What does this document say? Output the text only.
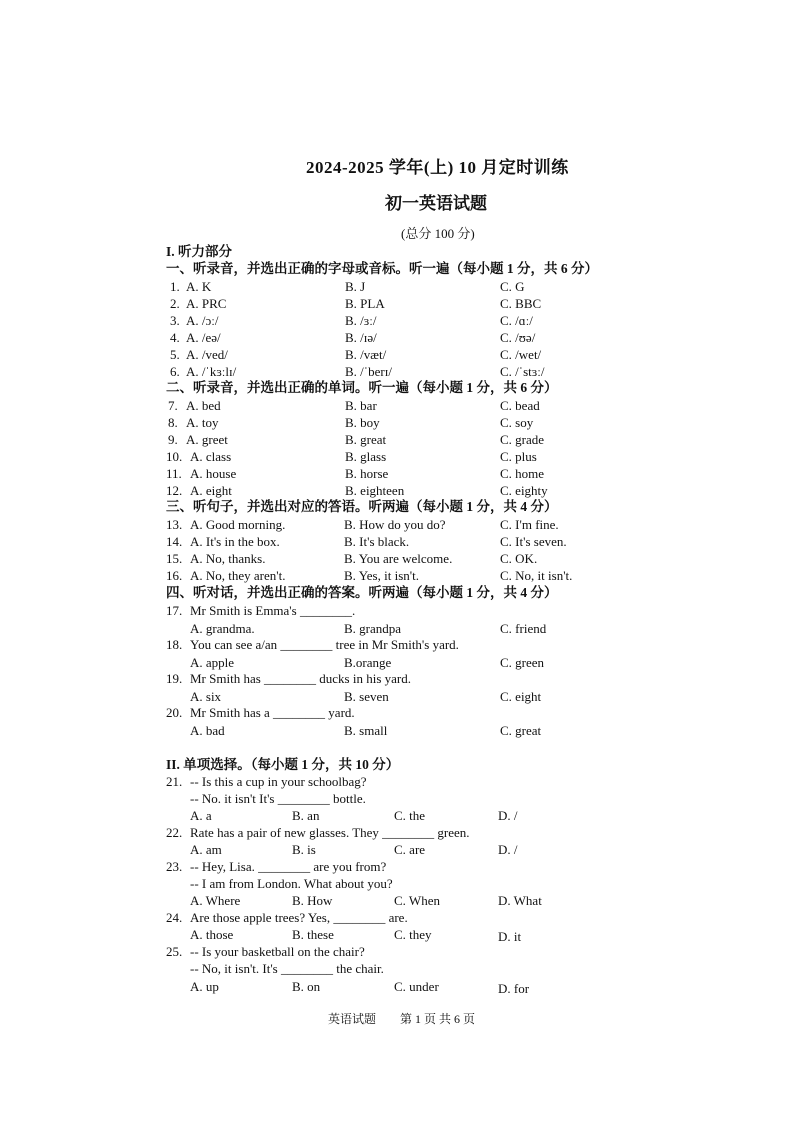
2024-2025 学年(上) 10 月定时训练
初一英语试题
(总分 100 分)
I. 听力部分
一、听录音，并选出正确的字母或音标。听一遍（每小题 1 分，共 6 分）
1. A. K	B. J	C. G
2. A. PRC	B. PLA	C. BBC
3. A. /ɔː/	B. /ɜː/	C. /ɑː/
4. A. /eə/	B. /ɪə/	C. /ʊə/
5. A. /ved/	B. /væt/	C. /wet/
6. A. /ˈkɜːlɪ/	B. /ˈberɪ/	C. /ˈstɜː/
二、听录音，并选出正确的单词。听一遍（每小题 1 分，共 6 分）
7. A. bed	B. bar	C. bead
8. A. toy	B. boy	C. soy
9. A. greet	B. great	C. grade
10. A. class	B. glass	C. plus
11. A. house	B. horse	C. home
12. A. eight	B. eighteen	C. eighty
三、听句子，并选出对应的答语。听两遍（每小题 1 分，共 4 分）
13. A. Good morning.	B. How do you do?	C. I'm fine.
14. A. It's in the box.	B. It's black.	C. It's seven.
15. A. No, thanks.	B. You are welcome.	C. OK.
16. A. No, they aren't.	B. Yes, it isn't.	C. No, it isn't.
四、听对话，并选出正确的答案。听两遍（每小题 1 分，共 4 分）
17. Mr Smith is Emma's ________.
A. grandma.	B. grandpa	C. friend
18. You can see a/an ________ tree in Mr Smith's yard.
A. apple	B.orange	C. green
19. Mr Smith has ________ ducks in his yard.
A. six	B. seven	C. eight
20. Mr Smith has a ________ yard.
A. bad	B. small	C. great
II. 单项选择。（每小题 1 分，共 10 分）
21. -- Is this a cup in your schoolbag?
-- No. it isn't It's ________ bottle.
A. a	B. an	C. the	D. /
22. Rate has a pair of new glasses. They ________ green.
A. am	B. is	C. are	D. /
23. -- Hey, Lisa. ________ are you from?
-- I am from London. What about you?
A. Where	B. How	C. When	D. What
24. Are those apple trees? Yes, ________ are.
A. those	B. these	C. they	D. it
25. -- Is your basketball on the chair?
-- No, it isn't. It's ________ the chair.
A. up	B. on	C. under	D. for
英语试题 第 1 页 共 6 页
